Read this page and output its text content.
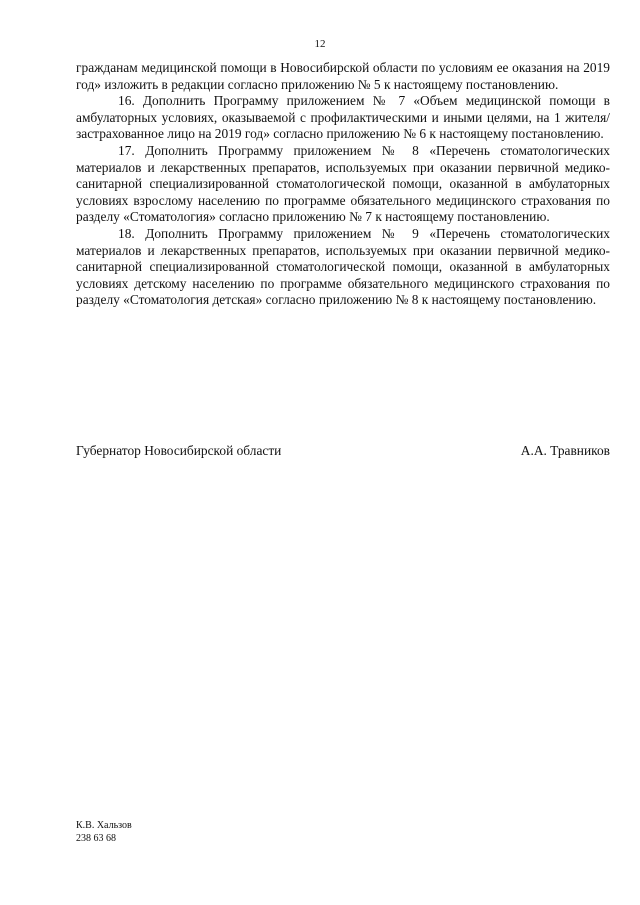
12

гражданам медицинской помощи в Новосибирской области по условиям ее оказания на 2019 год» изложить в редакции согласно приложению № 5 к настоящему постановлению.

16. Дополнить Программу приложением № 7 «Объем медицинской помощи в амбулаторных условиях, оказываемой с профилактическими и иными целями, на 1 жителя/застрахованное лицо на 2019 год» согласно приложению № 6 к настоящему постановлению.

17. Дополнить Программу приложением № 8 «Перечень стоматологических материалов и лекарственных препаратов, используемых при оказании первичной медико-санитарной специализированной стоматологической помощи, оказанной в амбулаторных условиях взрослому населению по программе обязательного медицинского страхования по разделу «Стоматология» согласно приложению № 7 к настоящему постановлению.

18. Дополнить Программу приложением № 9 «Перечень стоматологических материалов и лекарственных препаратов, используемых при оказании первичной медико-санитарной специализированной стоматологической помощи, оказанной в амбулаторных условиях детскому населению по программе обязательного медицинского страхования по разделу «Стоматология детская» согласно приложению № 8 к настоящему постановлению.

Губернатор Новосибирской области	А.А. Травников
К.В. Хальзов
238 63 68
